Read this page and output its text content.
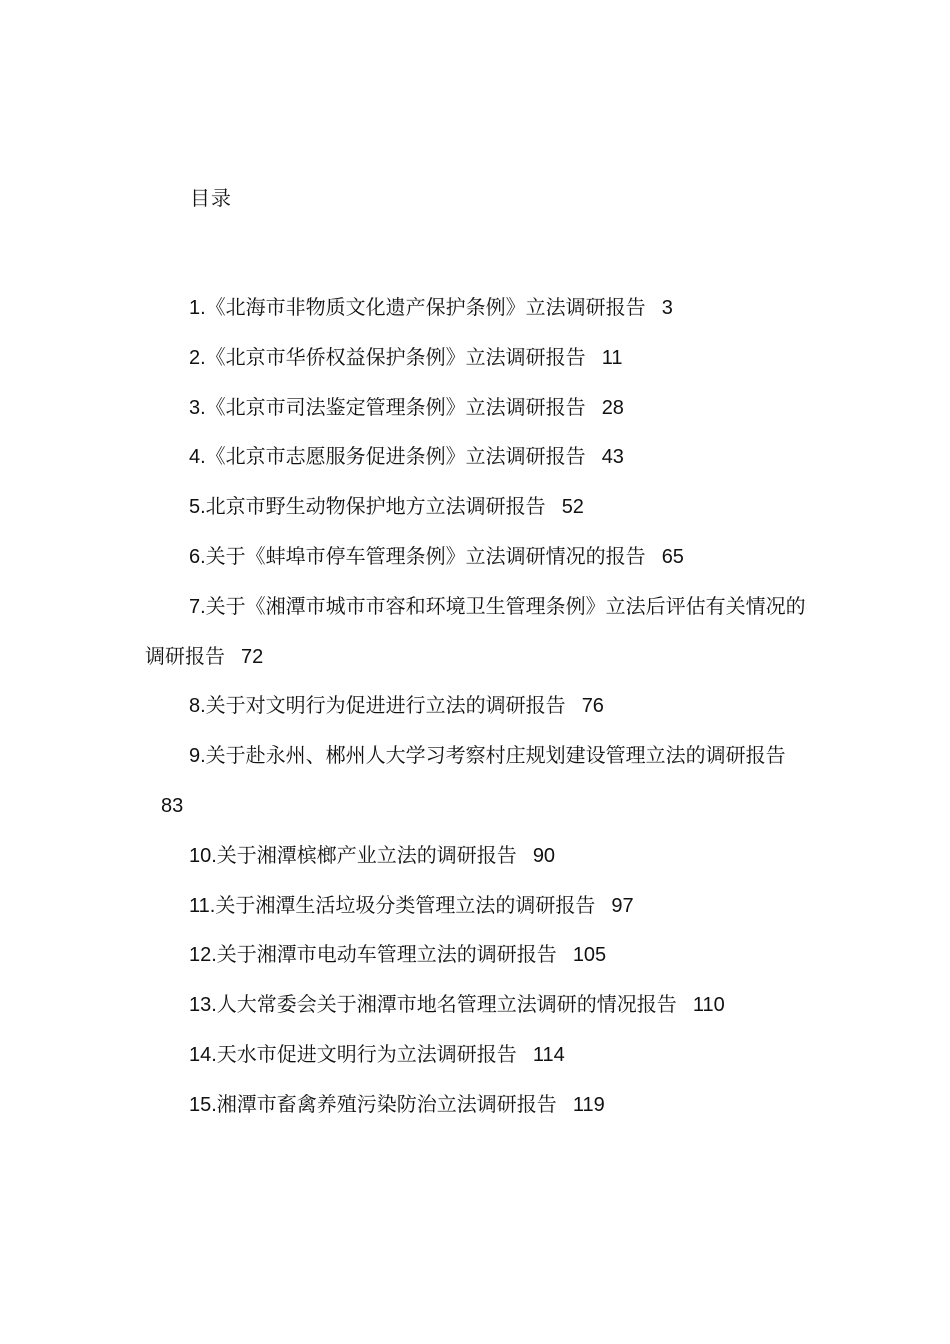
目录
1.《北海市非物质文化遗产保护条例》立法调研报告 3
2.《北京市华侨权益保护条例》立法调研报告 11
3.《北京市司法鉴定管理条例》立法调研报告 28
4.《北京市志愿服务促进条例》立法调研报告 43
5.北京市野生动物保护地方立法调研报告 52
6.关于《蚌埠市停车管理条例》立法调研情况的报告 65
7.关于《湘潭市城市市容和环境卫生管理条例》立法后评估有关情况的调研报告 72
8.关于对文明行为促进进行立法的调研报告 76
9.关于赴永州、郴州人大学习考察村庄规划建设管理立法的调研报告83
10.关于湘潭槟榔产业立法的调研报告 90
11.关于湘潭生活垃圾分类管理立法的调研报告 97
12.关于湘潭市电动车管理立法的调研报告 105
13.人大常委会关于湘潭市地名管理立法调研的情况报告 110
14.天水市促进文明行为立法调研报告 114
15.湘潭市畜禽养殖污染防治立法调研报告 119
